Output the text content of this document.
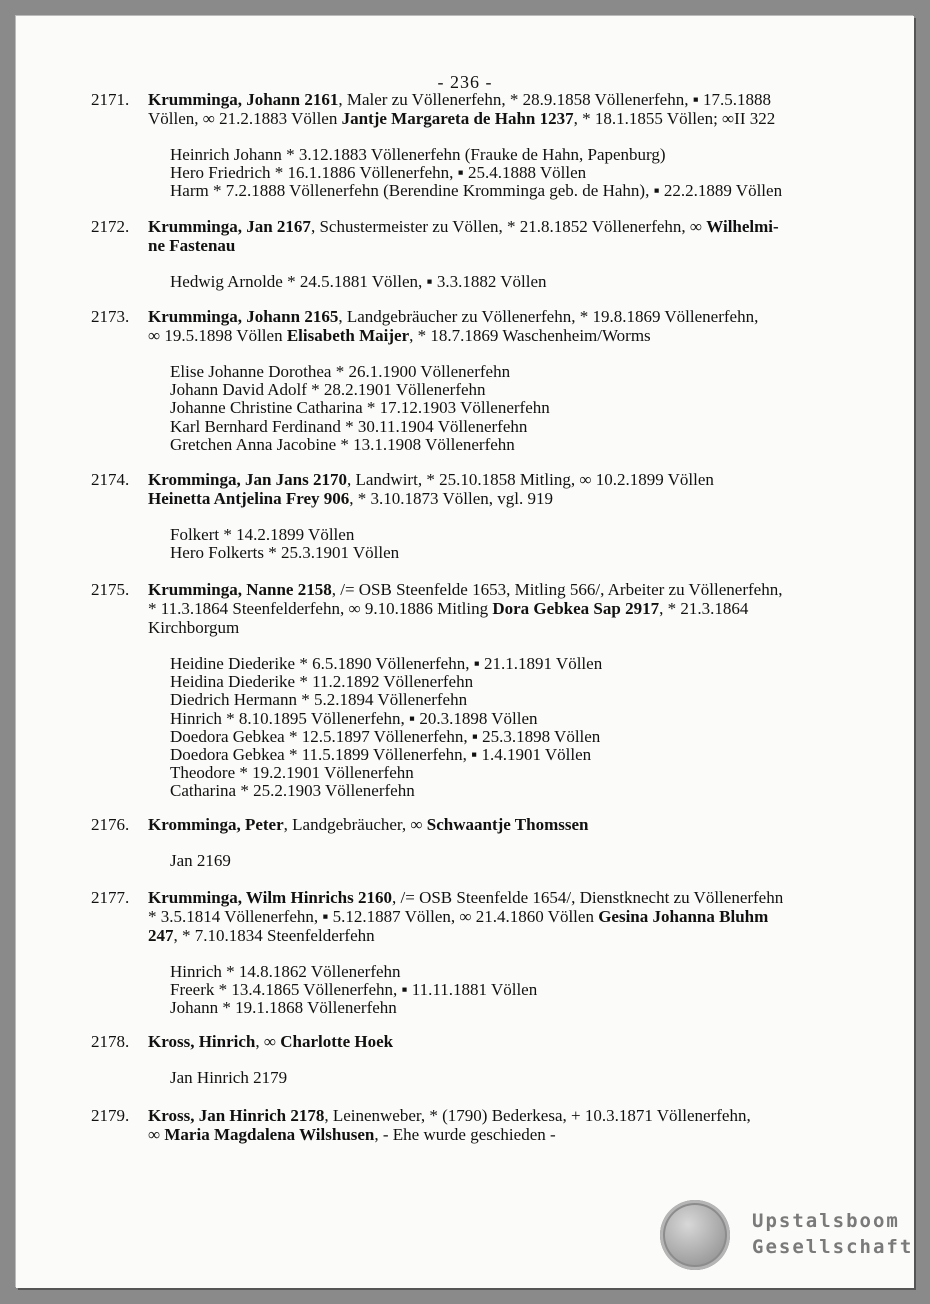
- 236 -
2171. Krumminga, Johann 2161, Maler zu Völlenerfehn, * 28.9.1858 Völlenerfehn, ▪ 17.5.1888
Völlen, ∞ 21.2.1883 Völlen Jantje Margareta de Hahn 1237, * 18.1.1855 Völlen; ∞II 322
Heinrich Johann * 3.12.1883 Völlenerfehn (Frauke de Hahn, Papenburg)
Hero Friedrich * 16.1.1886 Völlenerfehn, ▪ 25.4.1888 Völlen
Harm * 7.2.1888 Völlenerfehn (Berendine Kromminga geb. de Hahn), ▪ 22.2.1889 Völlen
2172. Krumminga, Jan 2167, Schustermeister zu Völlen, * 21.8.1852 Völlenerfehn, ∞ Wilhelmi-
ne Fastenau
Hedwig Arnolde * 24.5.1881 Völlen, ▪ 3.3.1882 Völlen
2173. Krumminga, Johann 2165, Landgebräucher zu Völlenerfehn, * 19.8.1869 Völlenerfehn,
∞ 19.5.1898 Völlen Elisabeth Maijer, * 18.7.1869 Waschenheim/Worms
Elise Johanne Dorothea * 26.1.1900 Völlenerfehn
Johann David Adolf * 28.2.1901 Völlenerfehn
Johanne Christine Catharina * 17.12.1903 Völlenerfehn
Karl Bernhard Ferdinand * 30.11.1904 Völlenerfehn
Gretchen Anna Jacobine * 13.1.1908 Völlenerfehn
2174. Kromminga, Jan Jans 2170, Landwirt, * 25.10.1858 Mitling, ∞ 10.2.1899 Völlen
Heinetta Antjelina Frey 906, * 3.10.1873 Völlen, vgl. 919
Folkert * 14.2.1899 Völlen
Hero Folkerts * 25.3.1901 Völlen
2175. Krumminga, Nanne 2158, /= OSB Steenfelde 1653, Mitling 566/, Arbeiter zu Völlenerfehn,
* 11.3.1864 Steenfelderfehn, ∞ 9.10.1886 Mitling Dora Gebkea Sap 2917, * 21.3.1864
Kirchborgum
Heidine Diederike * 6.5.1890 Völlenerfehn, ▪ 21.1.1891 Völlen
Heidina Diederike * 11.2.1892 Völlenerfehn
Diedrich Hermann * 5.2.1894 Völlenerfehn
Hinrich * 8.10.1895 Völlenerfehn, ▪ 20.3.1898 Völlen
Doedora Gebkea * 12.5.1897 Völlenerfehn, ▪ 25.3.1898 Völlen
Doedora Gebkea * 11.5.1899 Völlenerfehn, ▪ 1.4.1901 Völlen
Theodore * 19.2.1901 Völlenerfehn
Catharina * 25.2.1903 Völlenerfehn
2176. Kromminga, Peter, Landgebräucher, ∞ Schwaantje Thomssen
Jan 2169
2177. Krumminga, Wilm Hinrichs 2160, /= OSB Steenfelde 1654/, Dienstknecht zu Völlenerfehn
* 3.5.1814 Völlenerfehn, ▪ 5.12.1887 Völlen, ∞ 21.4.1860 Völlen Gesina Johanna Bluhm
247, * 7.10.1834 Steenfelderfehn
Hinrich * 14.8.1862 Völlenerfehn
Freerk * 13.4.1865 Völlenerfehn, ▪ 11.11.1881 Völlen
Johann * 19.1.1868 Völlenerfehn
2178. Kross, Hinrich, ∞ Charlotte Hoek
Jan Hinrich 2179
2179. Kross, Jan Hinrich 2178, Leinenweber, * (1790) Bederkesa, + 10.3.1871 Völlenerfehn,
∞ Maria Magdalena Wilshusen, - Ehe wurde geschieden -
Upstalsboom
Gesellschaft
